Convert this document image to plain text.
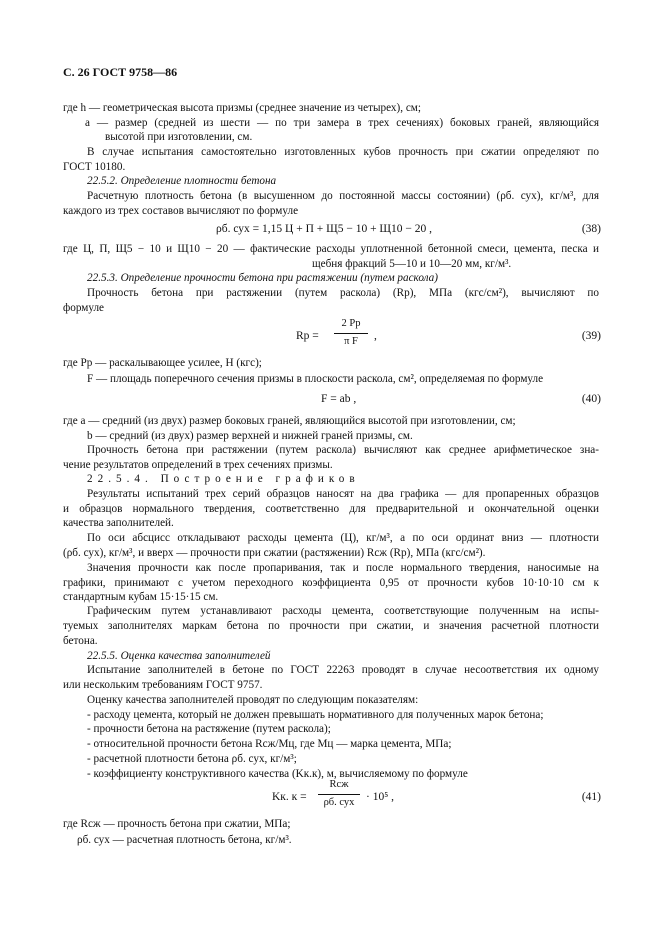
С. 26 ГОСТ 9758—86
где h — геометрическая высота призмы (среднее значение из четырех), см;
a — размер (средней из шести — по три замера в трех сечениях) боковых граней, являющийся
высотой при изготовлении, см.
В случае испытания самостоятельно изготовленных кубов прочность при сжатии определяют по
ГОСТ 10180.
22.5.2. Определение плотности бетона
Расчетную плотность бетона (в высушенном до постоянной массы состоянии) (ρб. сух), кг/м³, для
каждого из трех составов вычисляют по формуле
ρб. сух = 1,15 Ц + П + Щ5 − 10 + Щ10 − 20 ,	(38)
где Ц, П, Щ5 − 10 и Щ10 − 20 — фактические расходы уплотненной бетонной смеси, цемента, песка и
щебня фракций 5—10 и 10—20 мм, кг/м³.
22.5.3. Определение прочности бетона при растяжении (путем раскола)
Прочность бетона при растяжении (путем раскола) (Rр), МПа (кгс/см²), вычисляют по
формуле
Rр =
2 Pр
π F	,	(39)
где Pр — раскалывающее усилее, Н (кгс);
F — площадь поперечного сечения призмы в плоскости раскола, см², определяемая по формуле
F = ab ,	(40)
где a — средний (из двух) размер боковых граней, являющийся высотой при изготовлении, см;
b — средний (из двух) размер верхней и нижней граней призмы, см.
Прочность бетона при растяжении (путем раскола) вычисляют как среднее арифметическое зна-
чение результатов определений в трех сечениях призмы.
22.5.4. Построение графиков
Результаты испытаний трех серий образцов наносят на два графика — для пропаренных образцов
и образцов нормального твердения, соответственно для предварительной и окончательной оценки
качества заполнителей.
По оси абсцисс откладывают расходы цемента (Ц), кг/м³, а по оси ординат вниз — плотности
(ρб. сух), кг/м³, и вверх — прочности при сжатии (растяжении) Rсж (Rр), МПа (кгс/см²).
Значения прочности как после пропаривания, так и после нормального твердения, наносимые на
графики, принимают с учетом переходного коэффициента 0,95 от прочности кубов 10·10·10 см к
стандартным кубам 15·15·15 см.
Графическим путем устанавливают расходы цемента, соответствующие полученным на испы-
туемых заполнителях маркам бетона по прочности при сжатии, и значения расчетной плотности
бетона.
22.5.5. Оценка качества заполнителей
Испытание заполнителей в бетоне по ГОСТ 22263 проводят в случае несоответствия их одному
или нескольким требованиям ГОСТ 9757.
Оценку качества заполнителей проводят по следующим показателям:
- расходу цемента, который не должен превышать нормативного для полученных марок бетона;
- прочности бетона на растяжение (путем раскола);
- относительной прочности бетона Rсж/Mц, где Mц — марка цемента, МПа;
- расчетной плотности бетона ρб. сух, кг/м³;
- коэффициенту конструктивного качества (Kк.к), м, вычисляемому по формуле
Kк. к =
Rсж
ρб. сух	· 10⁵ ,	(41)
где Rсж — прочность бетона при сжатии, МПа;
ρб. сух — расчетная плотность бетона, кг/м³.
